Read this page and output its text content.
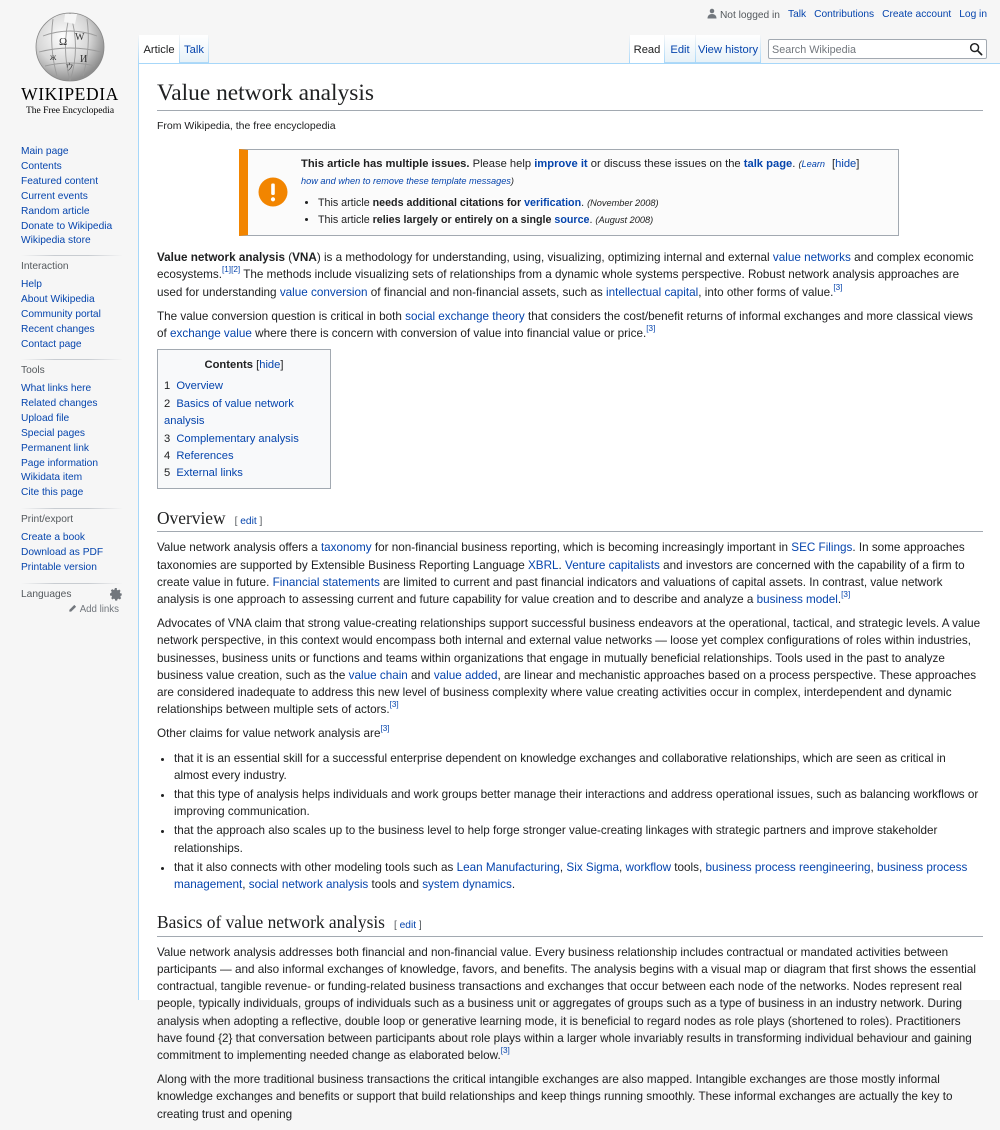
Ω W
ж И
ウ
WIKIPEDIA
The Free Encyclopedia
Main page
Contents
Featured content
Current events
Random article
Donate to Wikipedia
Wikipedia store
Interaction
Help
About Wikipedia
Community portal
Recent changes
Contact page
Tools
What links here
Related changes
Upload file
Special pages
Permanent link
Page information
Wikidata item
Cite this page
Print/export
Create a book
Download as PDF
Printable version
Languages
Add links
Not logged in Talk Contributions Create account Log in
Article Talk	Read Edit View history
Search Wikipedia
Value network analysis
From Wikipedia, the free encyclopedia
This article has multiple issues. Please help improve it or discuss these issues on the talk page. (Learn how and when to remove these template messages)
• This article needs additional citations for verification. (November 2008)
• This article relies largely or entirely on a single source. (August 2008)
[hide]

Value network analysis (VNA) is a methodology for understanding, using, visualizing, optimizing internal and external value networks and complex economic ecosystems.[1][2] The methods include visualizing sets of relationships from a dynamic whole systems perspective. Robust network analysis approaches are used for understanding value conversion of financial and non-financial assets, such as intellectual capital, into other forms of value.[3]

The value conversion question is critical in both social exchange theory that considers the cost/benefit returns of informal exchanges and more classical views of exchange value where there is concern with conversion of value into financial value or price.[3]

Contents [hide]
1 Overview
2 Basics of value network analysis
3 Complementary analysis
4 References
5 External links
Overview [ edit ]

Value network analysis offers a taxonomy for non-financial business reporting, which is becoming increasingly important in SEC Filings. In some approaches taxonomies are supported by Extensible Business Reporting Language XBRL. Venture capitalists and investors are concerned with the capability of a firm to create value in future. Financial statements are limited to current and past financial indicators and valuations of capital assets. In contrast, value network analysis is one approach to assessing current and future capability for value creation and to describe and analyze a business model.[3]

Advocates of VNA claim that strong value-creating relationships support successful business endeavors at the operational, tactical, and strategic levels. A value network perspective, in this context would encompass both internal and external value networks — loose yet complex configurations of roles within industries, businesses, business units or functions and teams within organizations that engage in mutually beneficial relationships. Tools used in the past to analyze business value creation, such as the value chain and value added, are linear and mechanistic approaches based on a process perspective. These approaches are considered inadequate to address this new level of business complexity where value creating activities occur in complex, interdependent and dynamic relationships between multiple sets of actors.[3]

Other claims for value network analysis are[3]

• that it is an essential skill for a successful enterprise dependent on knowledge exchanges and collaborative relationships, which are seen as critical in almost every industry.
• that this type of analysis helps individuals and work groups better manage their interactions and address operational issues, such as balancing workflows or improving communication.
• that the approach also scales up to the business level to help forge stronger value-creating linkages with strategic partners and improve stakeholder relationships.
• that it also connects with other modeling tools such as Lean Manufacturing, Six Sigma, workflow tools, business process reengineering, business process management, social network analysis tools and system dynamics.
Basics of value network analysis [ edit ]

Value network analysis addresses both financial and non-financial value. Every business relationship includes contractual or mandated activities between participants — and also informal exchanges of knowledge, favors, and benefits. The analysis begins with a visual map or diagram that first shows the essential contractual, tangible revenue- or funding-related business transactions and exchanges that occur between each node of the networks. Nodes represent real people, typically individuals, groups of individuals such as a business unit or aggregates of groups such as a type of business in an industry network. During analysis when adopting a reflective, double loop or generative learning mode, it is beneficial to regard nodes as role plays (shortened to roles). Practitioners have found {2} that conversation between participants about role plays within a larger whole invariably results in transforming individual behaviour and gaining commitment to implementing needed change as elaborated below.[3]

Along with the more traditional business transactions the critical intangible exchanges are also mapped. Intangible exchanges are those mostly informal knowledge exchanges and benefits or support that build relationships and keep things running smoothly. These informal exchanges are actually the key to creating trust and opening
